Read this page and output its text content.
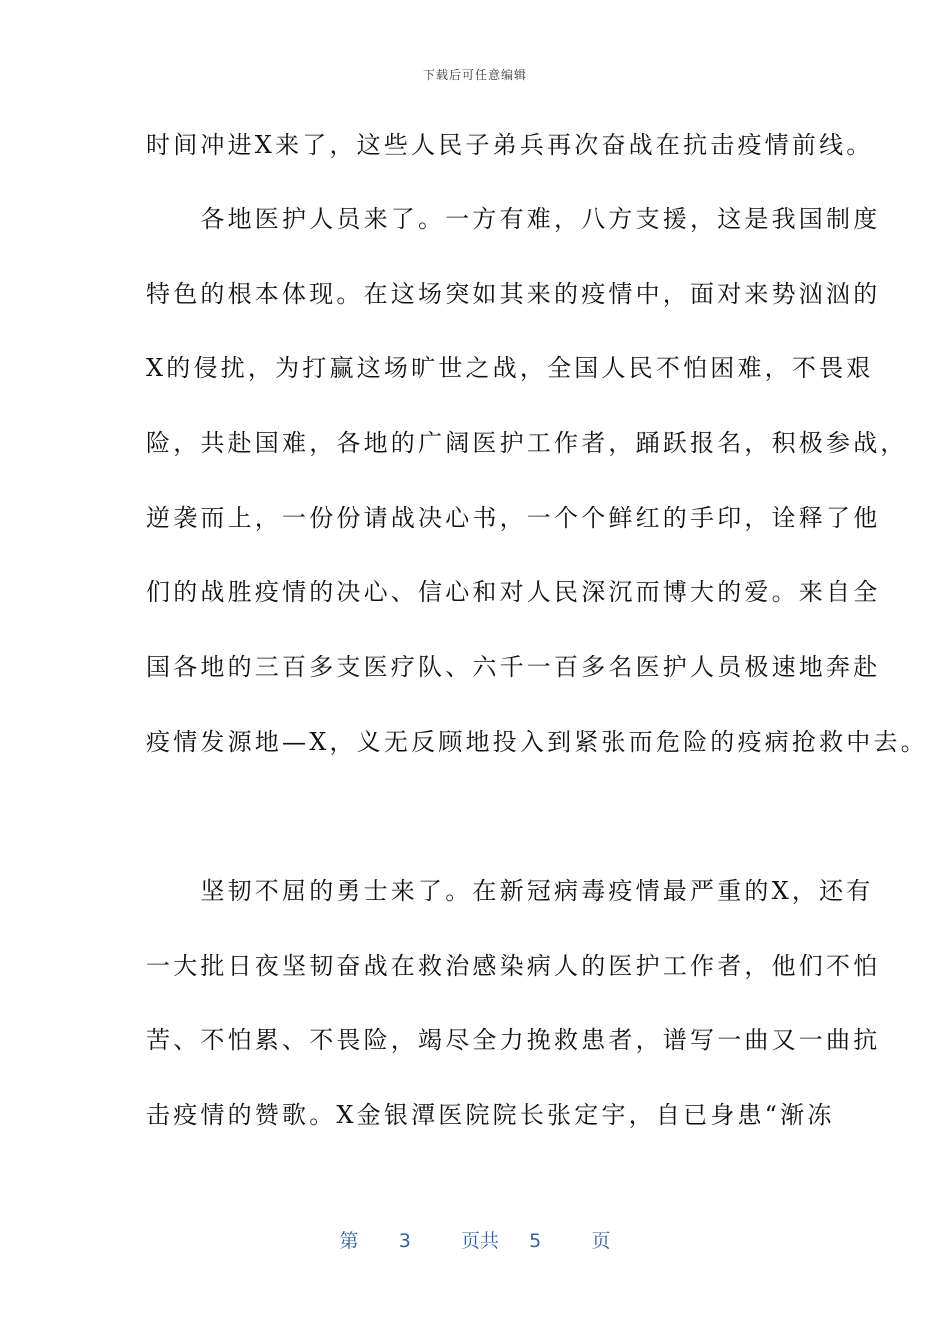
下载后可任意编辑
时间冲进X来了，这些人民子弟兵再次奋战在抗击疫情前线。
　　各地医护人员来了。一方有难，八方支援，这是我国制度
特色的根本体现。在这场突如其来的疫情中，面对来势汹汹的
X的侵扰，为打赢这场旷世之战，全国人民不怕困难，不畏艰
险，共赴国难，各地的广阔医护工作者，踊跃报名，积极参战，
逆袭而上，一份份请战决心书，一个个鲜红的手印，诠释了他
们的战胜疫情的决心、信心和对人民深沉而博大的爱。来自全
国各地的三百多支医疗队、六千一百多名医护人员极速地奔赴
疫情发源地—X，义无反顾地投入到紧张而危险的疫病抢救中去。
　　坚韧不屈的勇士来了。在新冠病毒疫情最严重的X，还有
一大批日夜坚韧奋战在救治感染病人的医护工作者，他们不怕
苦、不怕累、不畏险，竭尽全力挽救患者，谱写一曲又一曲抗
击疫情的赞歌。X金银潭医院院长张定宇，自已身患“渐冻
第 3	页共 5	页
